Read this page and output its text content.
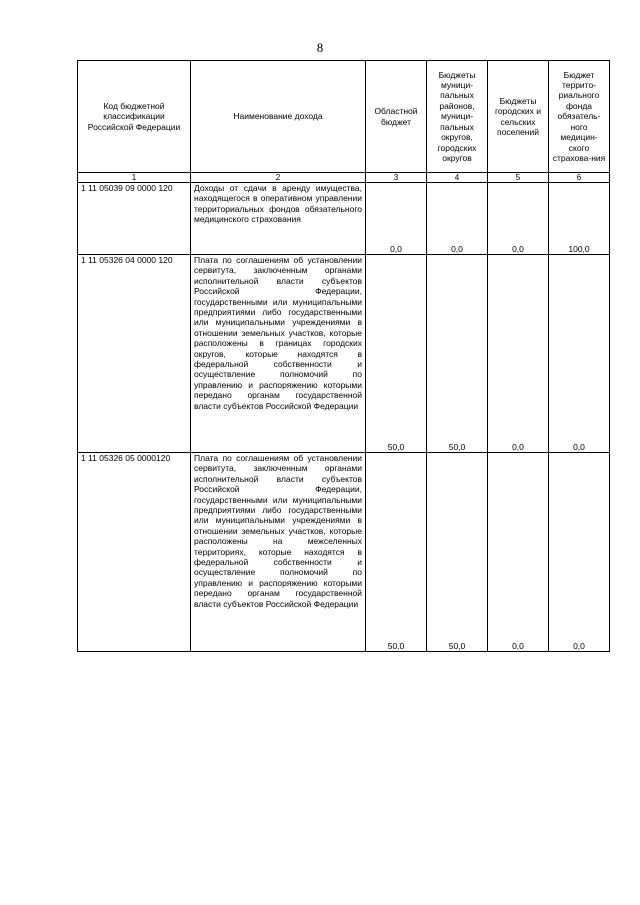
8
Код бюджетной классификации Российской Федерации	Наименование дохода	Областной бюджет	Бюджеты муници-пальных районов, муници-пальных округов, городских округов	Бюджеты городских и сельских поселений	Бюджет террито-риального фонда обязатель-ного медицин-ского страхова-ния
1	2	3	4	5	6
1 11 05039 09 0000 120	Доходы от сдачи в аренду имущества, находящегося в оперативном управлении территориальных фондов обязательного медицинского страхования	0,0	0,0	0,0	100,0
1 11 05326 04 0000 120	Плата по соглашениям об установлении сервитута, заключенным органами исполнительной власти субъектов Российской Федерации, государственными или муниципальными предприятиями либо государственными или муниципальными учреждениями в отношении земельных участков, которые расположены в границах городских округов, которые находятся в федеральной собственности и осуществление полномочий по управлению и распоряжению которыми передано органам государственной власти субъектов Российской Федерации	50,0	50,0	0,0	0,0
1 11 05326 05 0000120	Плата по соглашениям об установлении сервитута, заключенным органами исполнительной власти субъектов Российской Федерации, государственными или муниципальными предприятиями либо государственными или муниципальными учреждениями в отношении земельных участков, которые расположены на межселенных территориях, которые находятся в федеральной собственности и осуществление полномочий по управлению и распоряжению которыми передано органам государственной власти субъектов Российской Федерации	50,0	50,0	0,0	0,0
